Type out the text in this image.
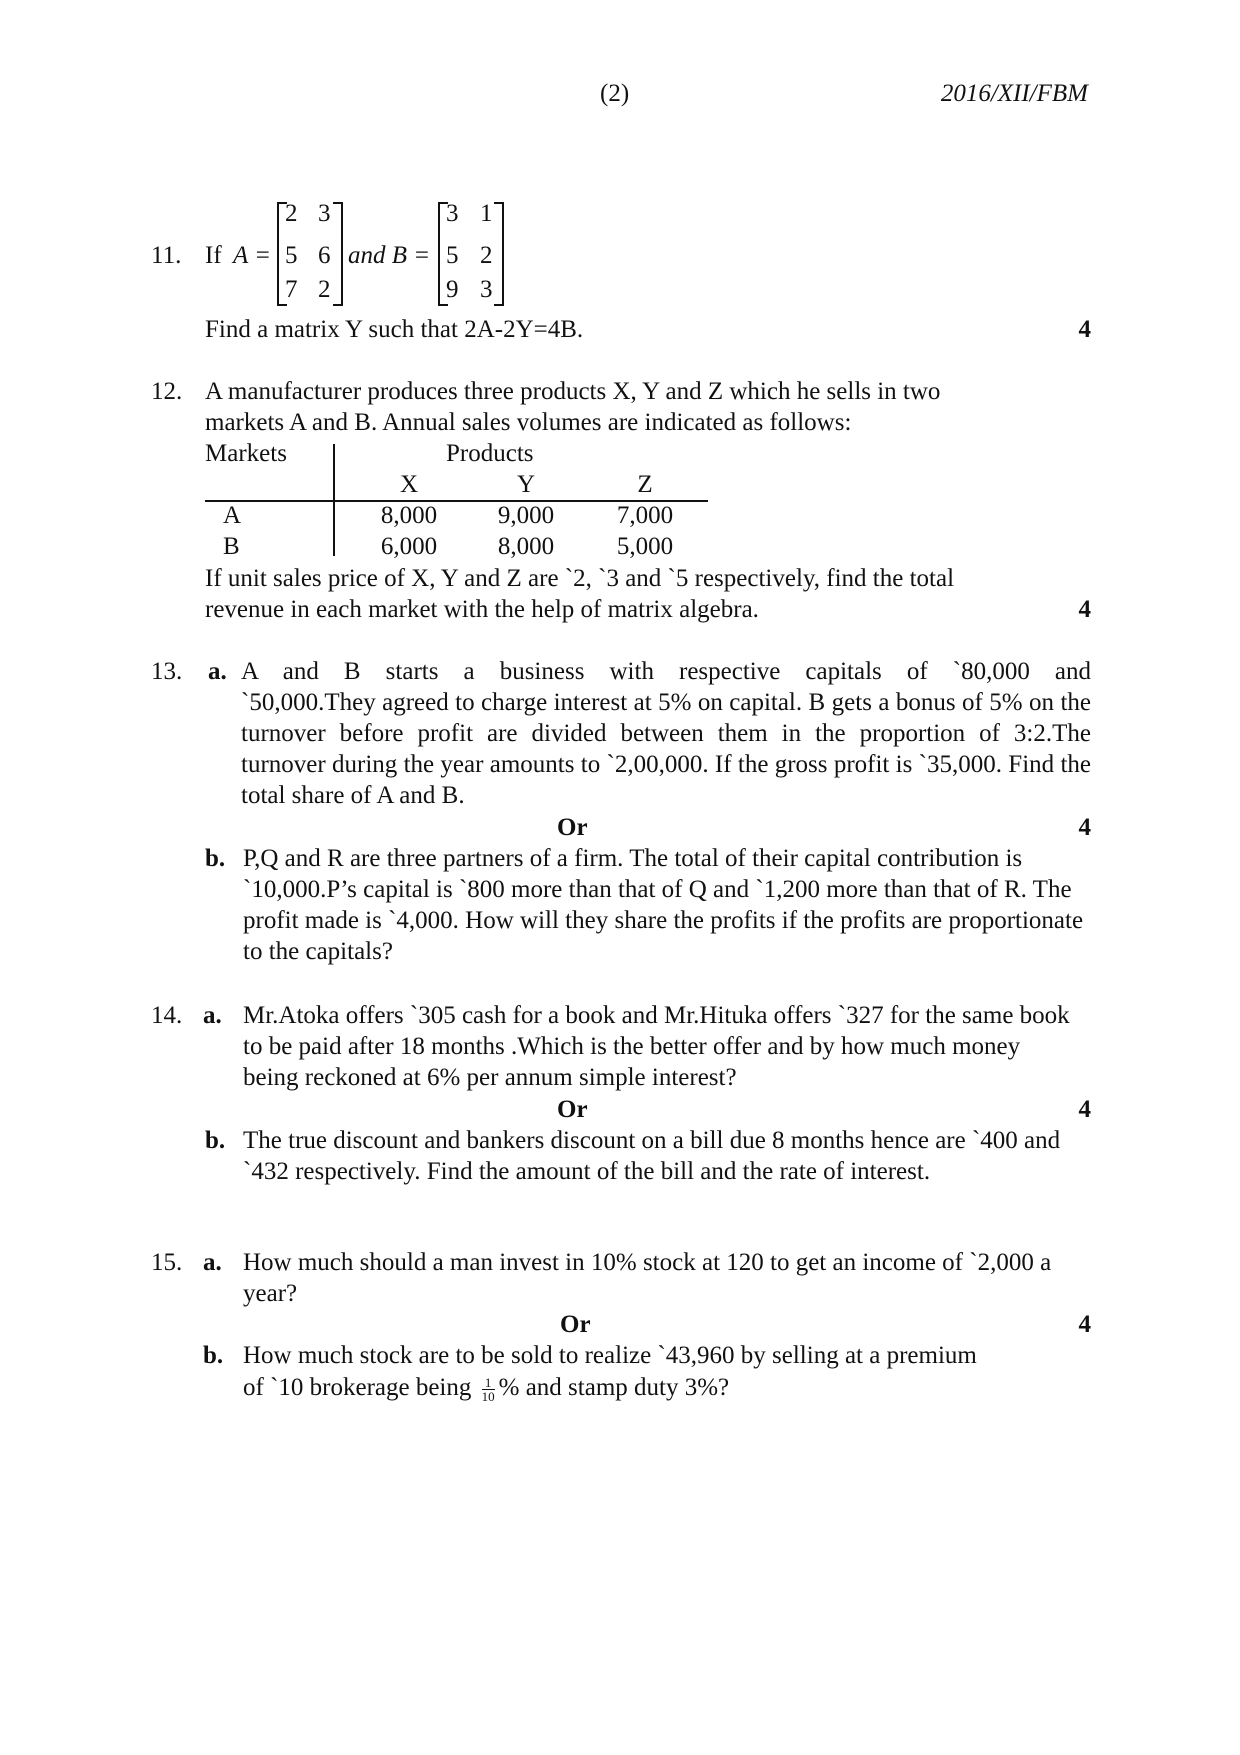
(2)	2016/XII/FBM
11. If A =
2 3
5 6
7 2
and B =
3 1
5 2
9 3
Find a matrix Y such that 2A-2Y=4B.	4
12. A manufacturer produces three products X, Y and Z which he sells in two
markets A and B. Annual sales volumes are indicated as follows:
Markets	Products
X	Y	Z
A	8,000	9,000	7,000
B	6,000	8,000	5,000
If unit sales price of X, Y and Z are `2, `3 and `5 respectively, find the total
revenue in each market with the help of matrix algebra.	4
13. a. A and B starts a business with respective capitals of `80,000 and
`50,000.They agreed to charge interest at 5% on capital. B gets a bonus of 5% on the turnover before profit are divided between them in the proportion of 3:2.The turnover during the year amounts to `2,00,000. If the gross profit is `35,000. Find the total share of A and B.
Or	4
b. P,Q and R are three partners of a firm. The total of their capital contribution is `10,000.P’s capital is `800 more than that of Q and `1,200 more than that of R. The profit made is `4,000. How will they share the profits if the profits are proportionate to the capitals?
14. a. Mr.Atoka offers `305 cash for a book and Mr.Hituka offers `327 for the same book to be paid after 18 months .Which is the better offer and by how much money being reckoned at 6% per annum simple interest?
Or	4
b. The true discount and bankers discount on a bill due 8 months hence are `400 and `432 respectively. Find the amount of the bill and the rate of interest.
15. a. How much should a man invest in 10% stock at 120 to get an income of `2,000 a year?
Or	4
b. How much stock are to be sold to realize `43,960 by selling at a premium
of `10 brokerage being $\frac{1}{10}$ % and stamp duty 3%?
